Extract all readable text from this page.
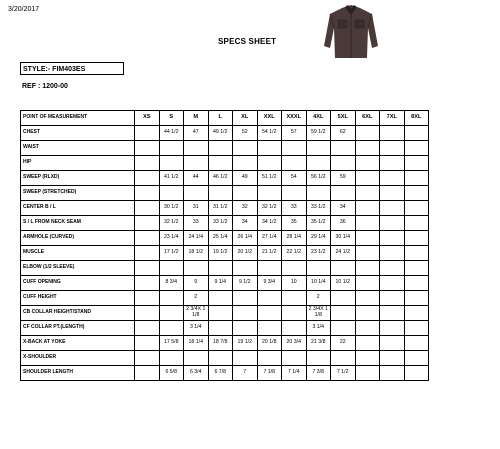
3/20/2017
SPECS SHEET
STYLE:- FIM403ES
REF : 1200-00
POINT OF MEASUREMENT	XS	S	M	L	XL	XXL	XXXL	4XL	5XL	6XL	7XL	8XL
CHEST		44 1/2	47	49 1/2	52	54 1/2	57	59 1/2	62			
WAIST												
HIP												
SWEEP (RLXD)		41 1/2	44	46 1/2	49	51 1/2	54	56 1/2	59			
SWEEP (STRETCHED)												
CENTER B / L		30 1/2	31	31 1/2	32	32 1/2	33	33 1/2	34			
S / L FROM NECK SEAM		32 1/2	33	33 1/2	34	34 1/2	35	35 1/2	36			
ARMHOLE (CURVED)		23 1/4	24 1/4	25 1/4	26 1/4	27 1/4	28 1/4	29 1/4	30 1/4			
MUSCLE		17 1/2	18 1/2	19 1/2	20 1/2	21 1/2	22 1/2	23 1/2	24 1/2			
ELBOW (1/2 SLEEVE)												
CUFF OPENING		8 3/4	9	9 1/4	9 1/2	9 3/4	10	10 1/4	10 1/2			
CUFF HEIGHT			2					2				
CB COLLAR HEIGHT/STAND			2 3/4X 1 1/8					2 3/4X 1 1/8				
CF COLLAR PT.(LENGTH)			3 1/4					3 1/4				
X-BACK AT YOKE		17 5/8	18 1/4	18 7/8	19 1/2	20 1/8	20 3/4	21 3/8	22			
X-SHOULDER												
SHOULDER LENGTH		6 5/8	6 3/4	6 7/8	7	7 1/8	7 1/4	7 3/8	7 1/2			
